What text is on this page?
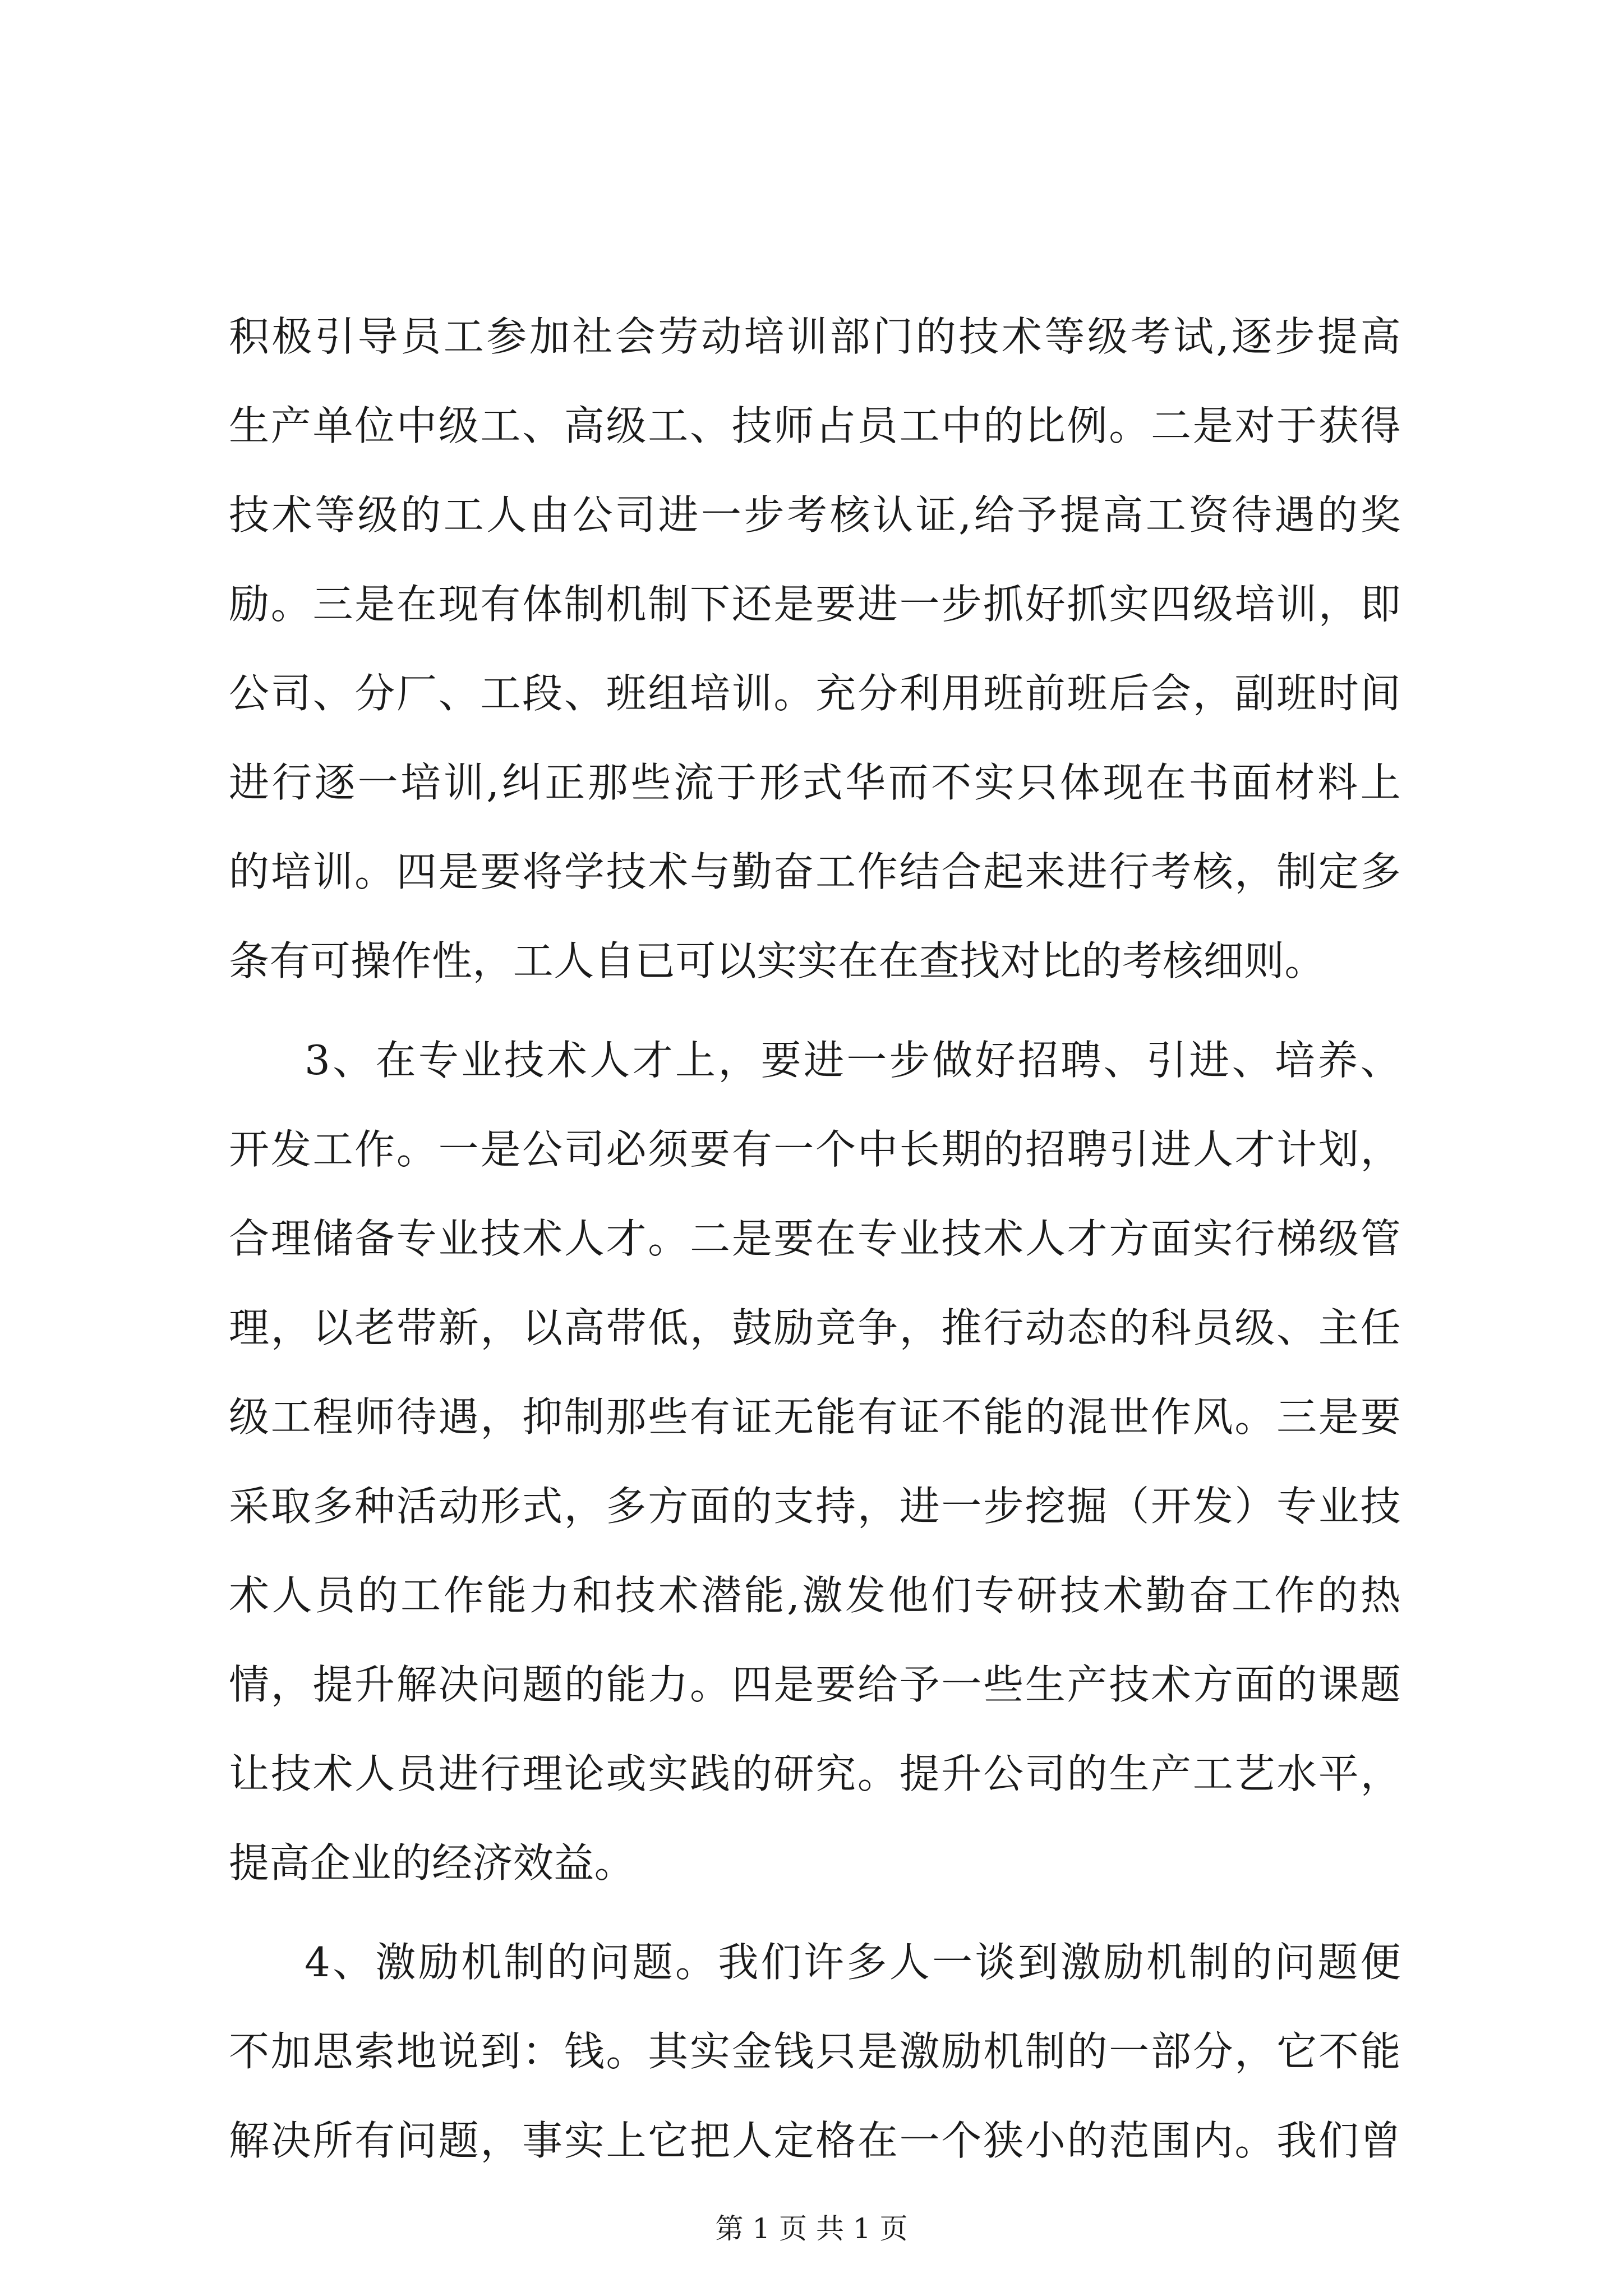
积极引导员工参加社会劳动培训部门的技术等级考试,逐步提高
生产单位中级工、高级工、技师占员工中的比例。二是对于获得
技术等级的工人由公司进一步考核认证,给予提高工资待遇的奖
励。三是在现有体制机制下还是要进一步抓好抓实四级培训，即
公司、分厂、工段、班组培训。充分利用班前班后会，副班时间
进行逐一培训,纠正那些流于形式华而不实只体现在书面材料上
的培训。四是要将学技术与勤奋工作结合起来进行考核，制定多
条有可操作性，工人自已可以实实在在查找对比的考核细则。
3、在专业技术人才上，要进一步做好招聘、引进、培养、
开发工作。一是公司必须要有一个中长期的招聘引进人才计划，
合理储备专业技术人才。二是要在专业技术人才方面实行梯级管
理，以老带新，以高带低，鼓励竞争，推行动态的科员级、主任
级工程师待遇，抑制那些有证无能有证不能的混世作风。三是要
采取多种活动形式，多方面的支持，进一步挖掘（开发）专业技
术人员的工作能力和技术潜能,激发他们专研技术勤奋工作的热
情，提升解决问题的能力。四是要给予一些生产技术方面的课题
让技术人员进行理论或实践的研究。提升公司的生产工艺水平，
提高企业的经济效益。
4、激励机制的问题。我们许多人一谈到激励机制的问题便
不加思索地说到：钱。其实金钱只是激励机制的一部分，它不能
解决所有问题，事实上它把人定格在一个狭小的范围内。我们曾
第 1 页 共 1 页
